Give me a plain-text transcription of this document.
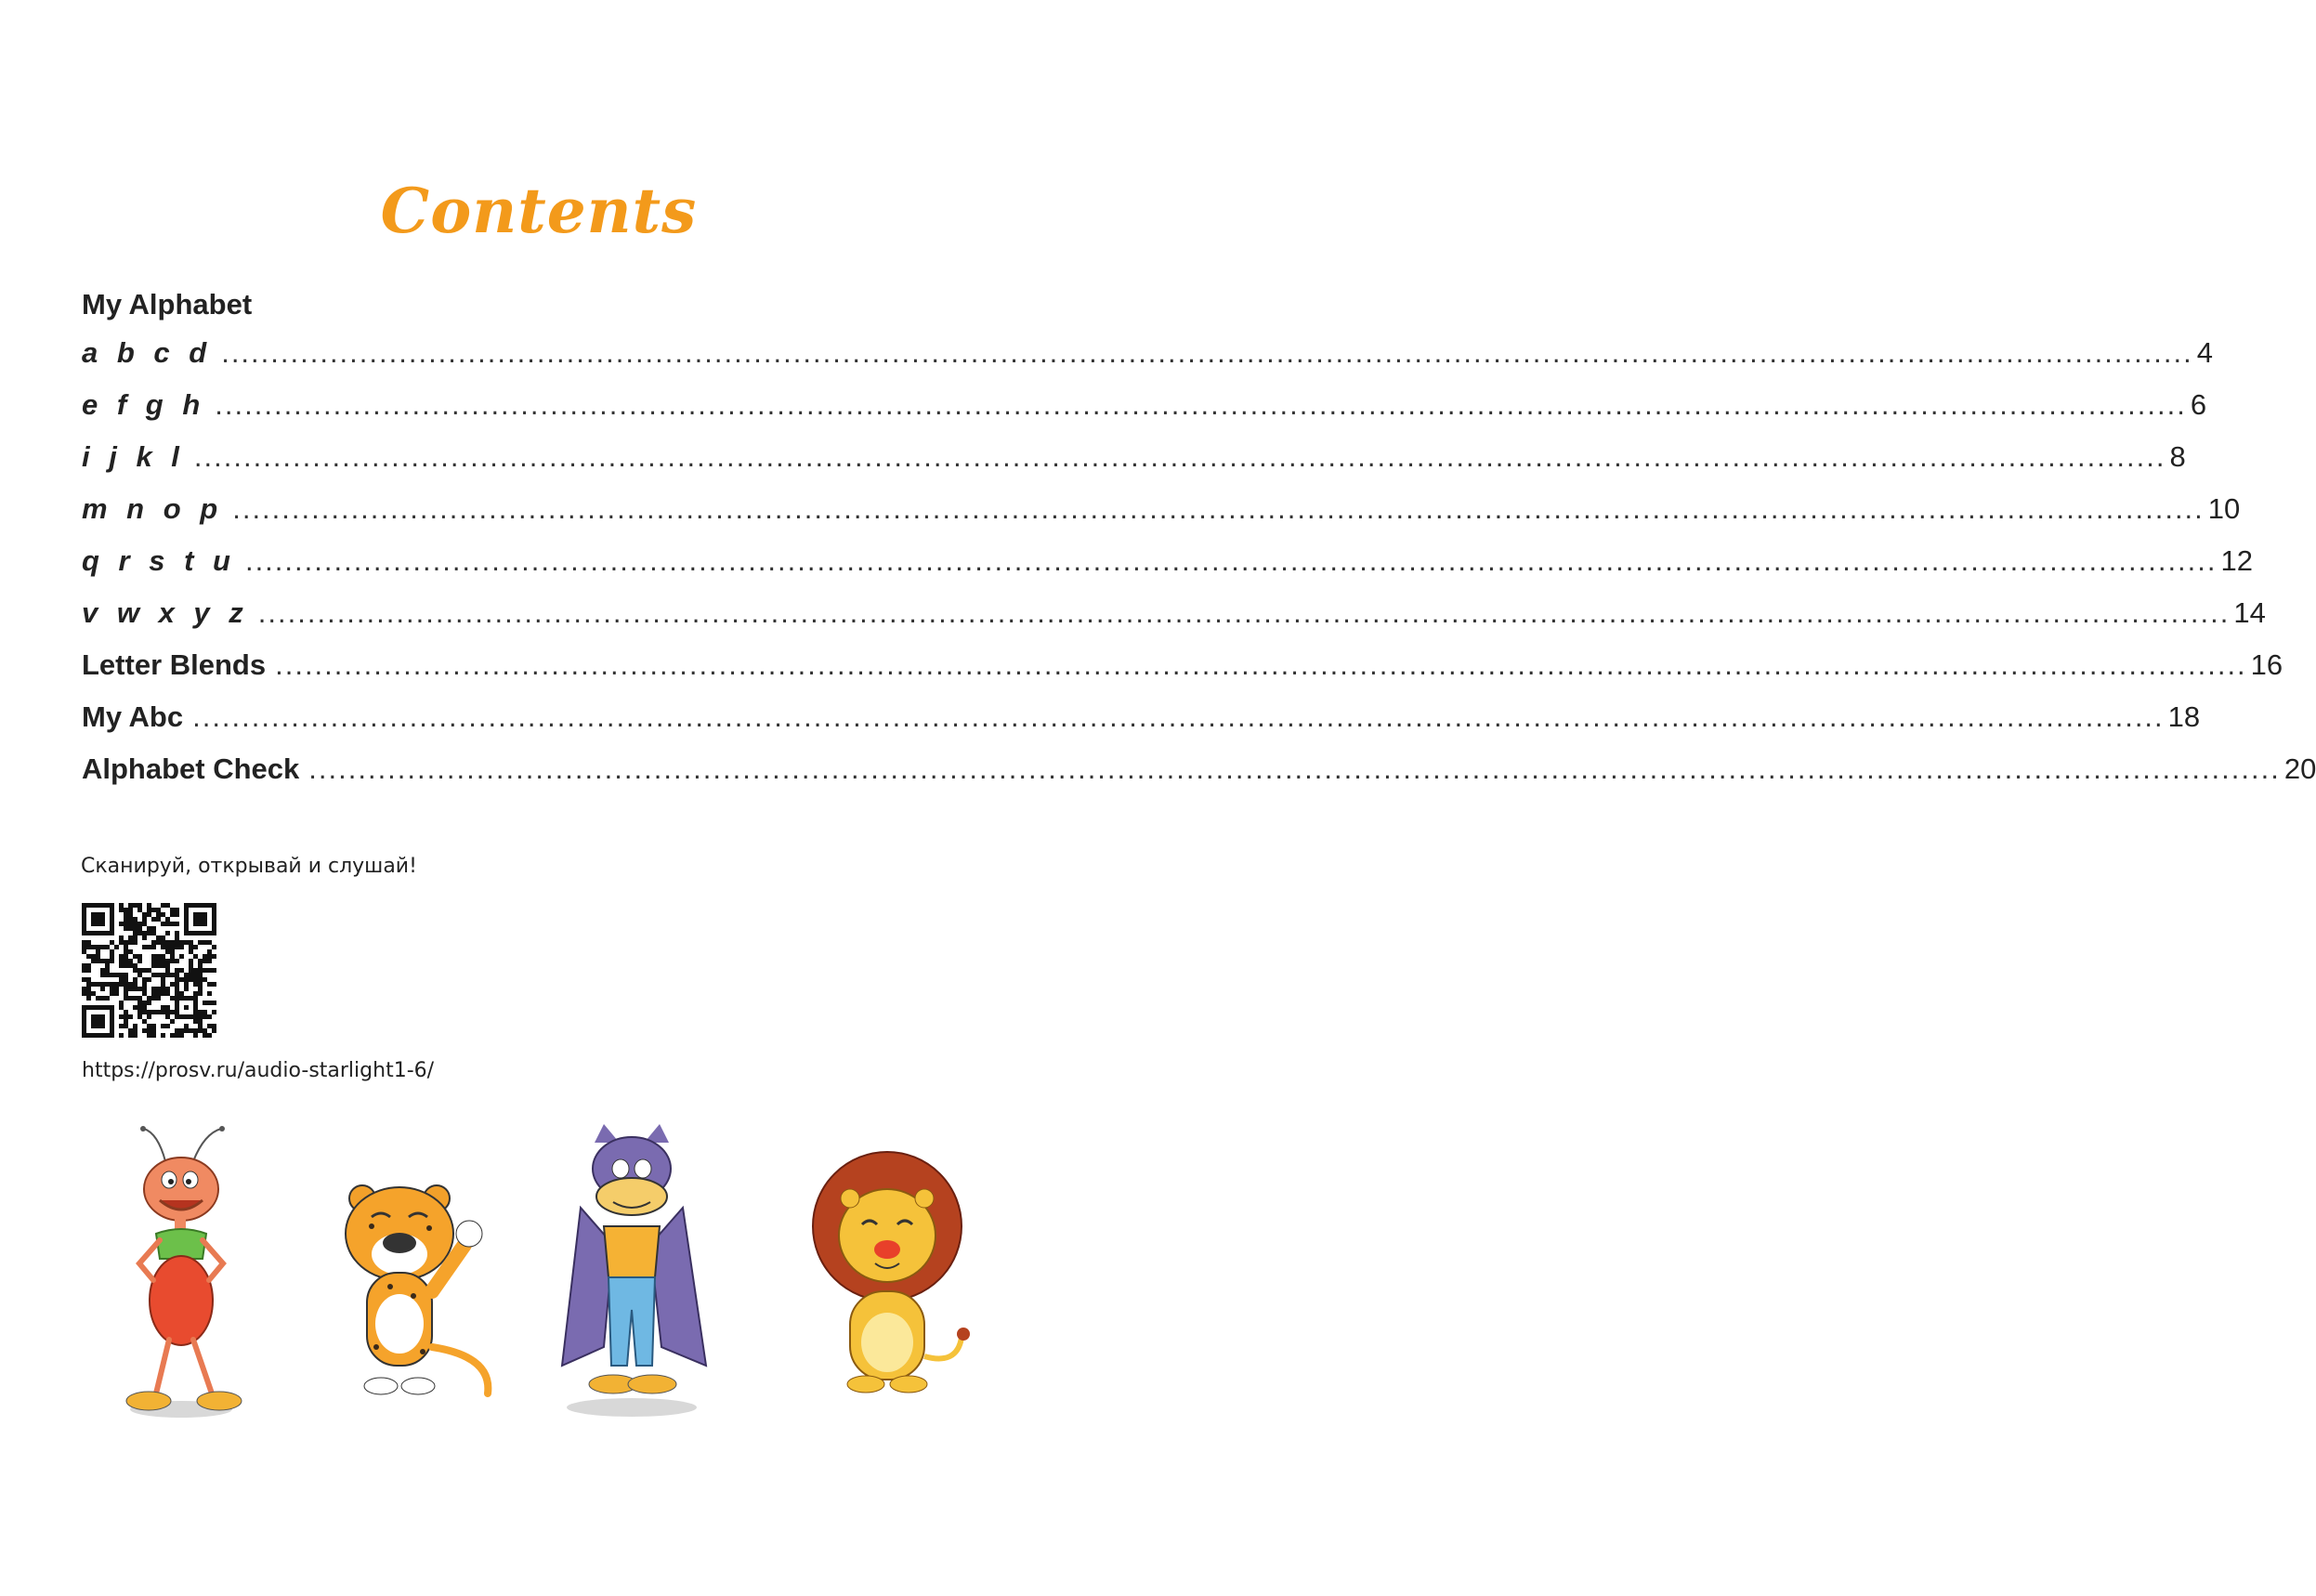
Contents
My Alphabet
a b c d ........................................................................................................................................................................................................ 4
e f g h ........................................................................................................................................................................................................ 6
i j k l ........................................................................................................................................................................................................ 8
m n o p ........................................................................................................................................................................................................ 10
q r s t u ........................................................................................................................................................................................................ 12
v w x y z ........................................................................................................................................................................................................ 14
Letter Blends ........................................................................................................................................................................................................ 16
My Abc ........................................................................................................................................................................................................ 18
Alphabet Check ........................................................................................................................................................................................................ 20
Сканируй, открывай и слушай!
https://prosv.ru/audio-starlight1-6/
